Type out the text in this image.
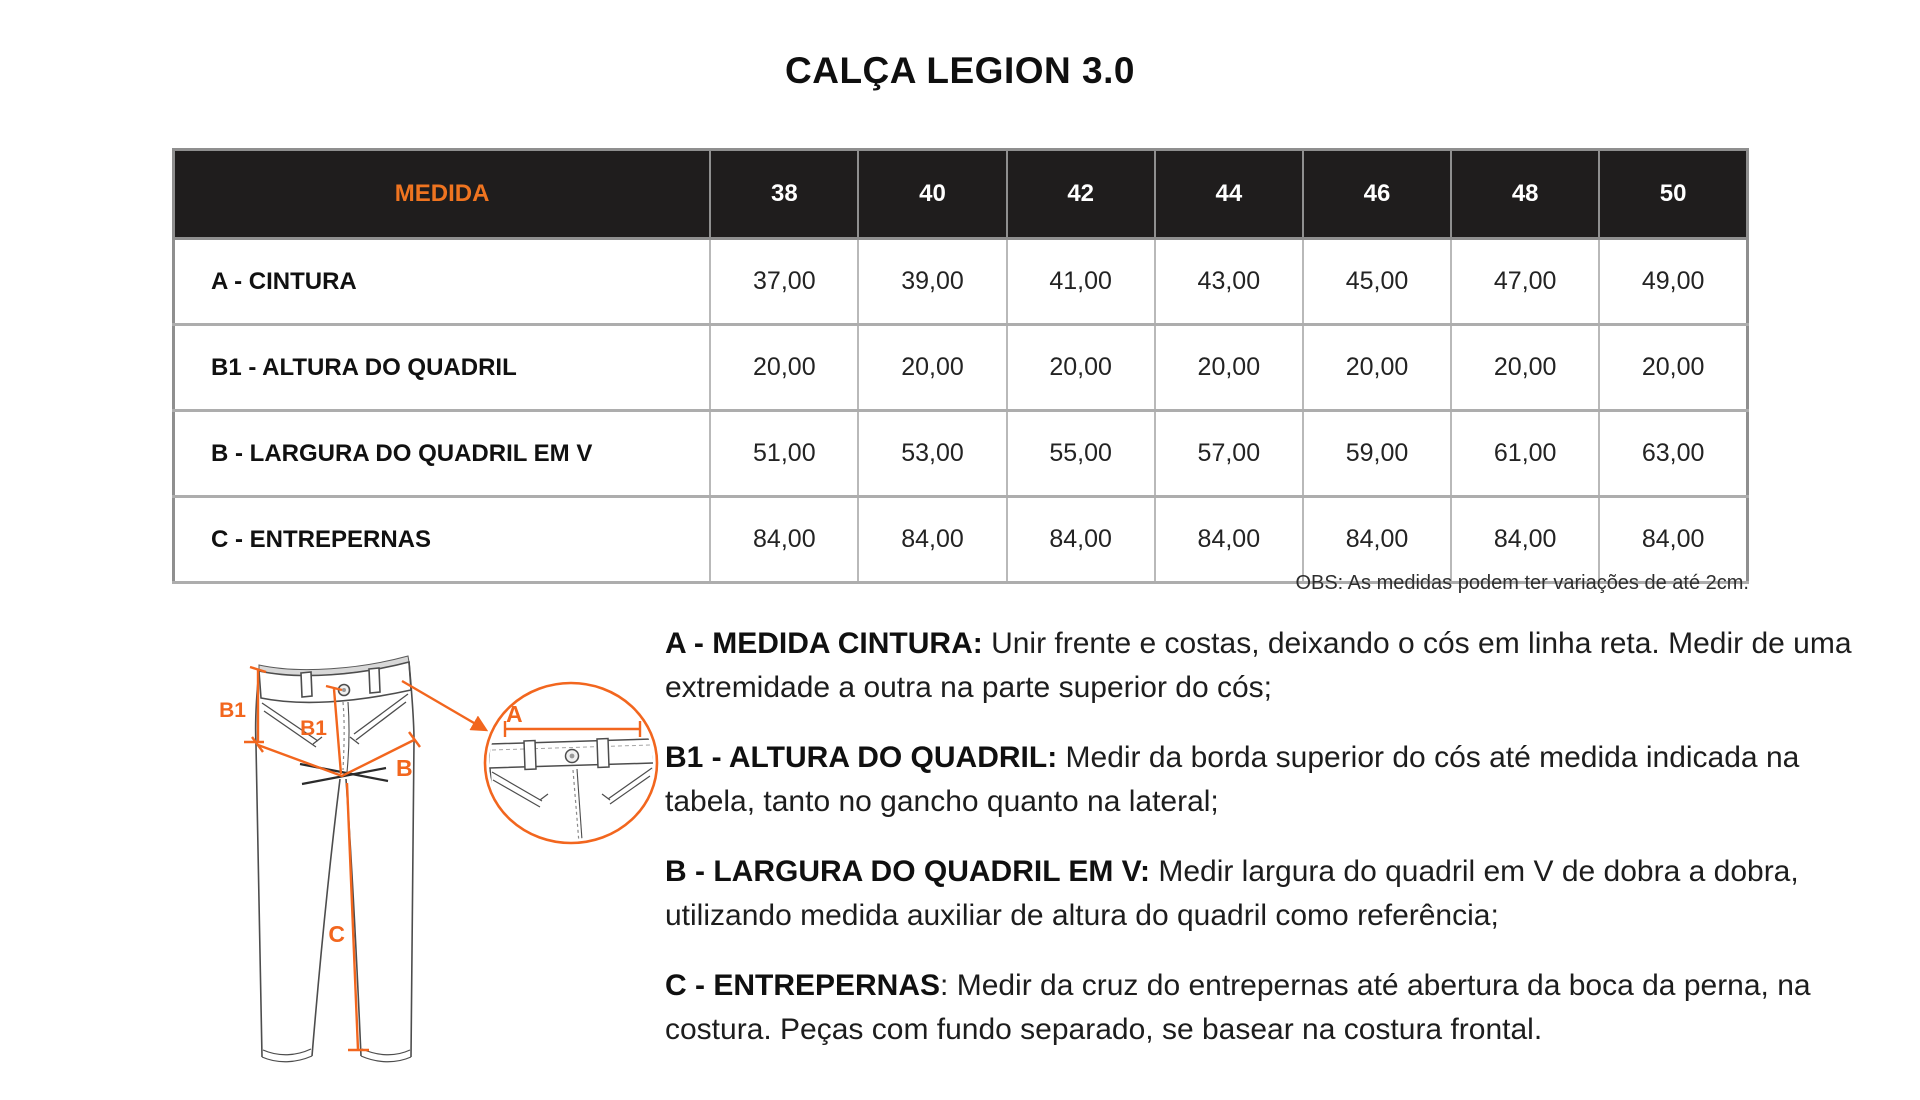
CALÇA LEGION 3.0
MEDIDA	38	40	42	44	46	48	50
A - CINTURA	37,00	39,00	41,00	43,00	45,00	47,00	49,00
B1 - ALTURA DO QUADRIL	20,00	20,00	20,00	20,00	20,00	20,00	20,00
B - LARGURA DO QUADRIL EM V	51,00	53,00	55,00	57,00	59,00	61,00	63,00
C - ENTREPERNAS	84,00	84,00	84,00	84,00	84,00	84,00	84,00
OBS: As medidas podem ter variações de até 2cm.
B1
B1
B
C
A

A - MEDIDA CINTURA: Unir frente e costas, deixando o cós em linha reta. Medir de uma extremidade a outra na parte superior do cós;

B1 - ALTURA DO QUADRIL: Medir da borda superior do cós até medida indicada na tabela, tanto no gancho quanto na lateral;

B - LARGURA DO QUADRIL EM V: Medir largura do quadril em V de dobra a dobra, utilizando medida auxiliar de altura do quadril como referência;

C - ENTREPERNAS: Medir da cruz do entrepernas até abertura da boca da perna, na costura. Peças com fundo separado, se basear na costura frontal.
